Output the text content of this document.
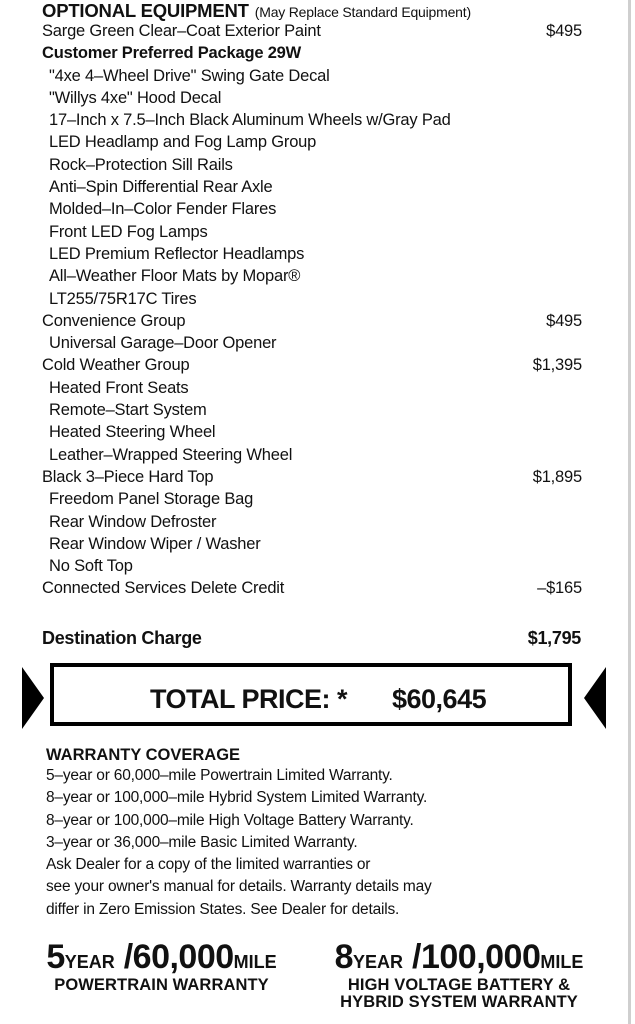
OPTIONAL EQUIPMENT (May Replace Standard Equipment)
Sarge Green Clear–Coat Exterior Paint	$495
Customer Preferred Package 29W
"4xe 4–Wheel Drive" Swing Gate Decal
"Willys 4xe" Hood Decal
17–Inch x 7.5–Inch Black Aluminum Wheels w/Gray Pad
LED Headlamp and Fog Lamp Group
Rock–Protection Sill Rails
Anti–Spin Differential Rear Axle
Molded–In–Color Fender Flares
Front LED Fog Lamps
LED Premium Reflector Headlamps
All–Weather Floor Mats by Mopar®
LT255/75R17C Tires
Convenience Group	$495
Universal Garage–Door Opener
Cold Weather Group	$1,395
Heated Front Seats
Remote–Start System
Heated Steering Wheel
Leather–Wrapped Steering Wheel
Black 3–Piece Hard Top	$1,895
Freedom Panel Storage Bag
Rear Window Defroster
Rear Window Wiper / Washer
No Soft Top
Connected Services Delete Credit	–$165
Destination Charge	$1,795
TOTAL PRICE: * $60,645
WARRANTY COVERAGE
5–year or 60,000–mile Powertrain Limited Warranty.
8–year or 100,000–mile Hybrid System Limited Warranty.
8–year or 100,000–mile High Voltage Battery Warranty.
3–year or 36,000–mile Basic Limited Warranty.
Ask Dealer for a copy of the limited warranties or
see your owner's manual for details. Warranty details may
differ in Zero Emission States. See Dealer for details.
5YEAR /60,000MILE
POWERTRAIN WARRANTY
8YEAR /100,000MILE
HIGH VOLTAGE BATTERY &
HYBRID SYSTEM WARRANTY
